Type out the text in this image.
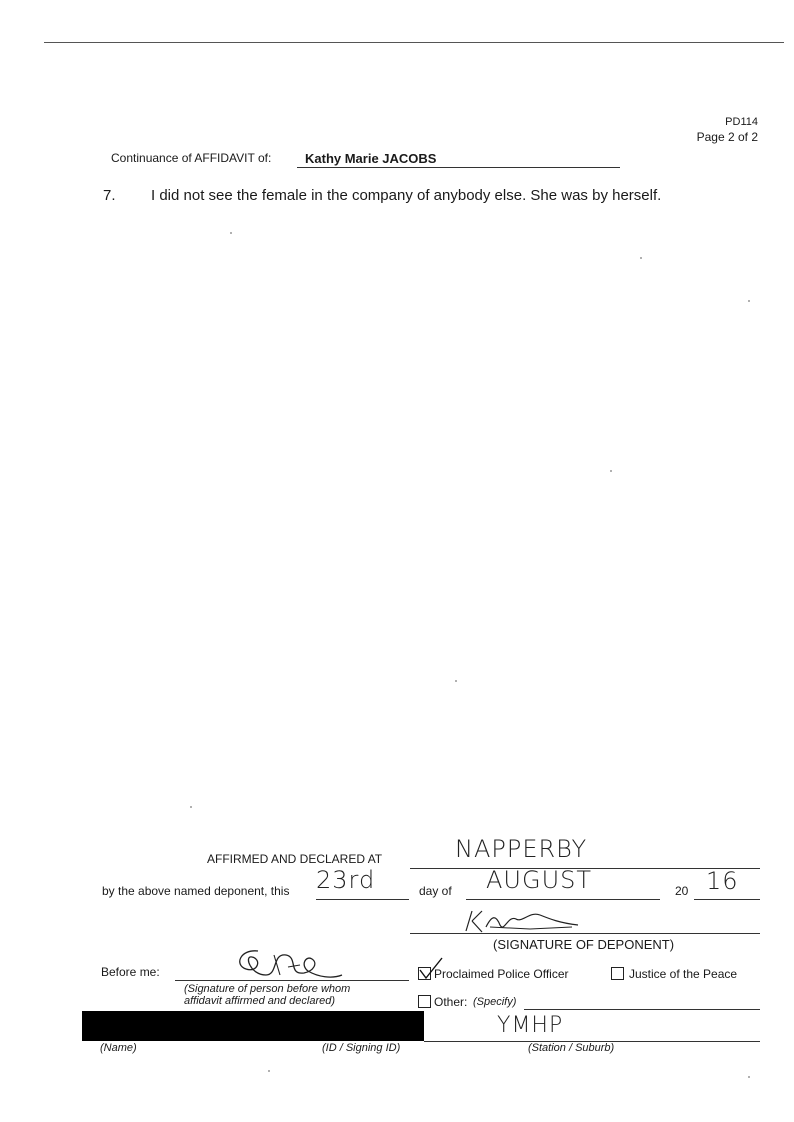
PD114
Page 2 of 2
Continuance of AFFIDAVIT of:	Kathy Marie JACOBS
7. I did not see the female in the company of anybody else. She was by herself.
AFFIRMED AND DECLARED AT	NAPPERBY
by the above named deponent, this 23rd	day of AUGUST	20 16
(SIGNATURE OF DEPONENT)
Before me:
(Signature of person before whom
affidavit affirmed and declared)
Proclaimed Police Officer	Justice of the Peace
Other: (Specify)
YMHP
(Name)	(ID / Signing ID)	(Station / Suburb)
